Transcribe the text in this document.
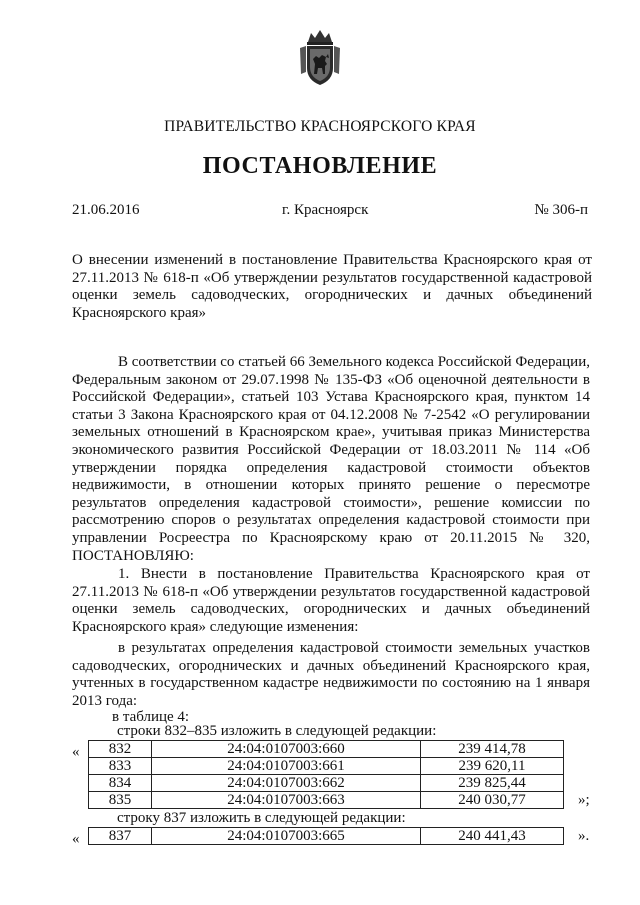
ПРАВИТЕЛЬСТВО КРАСНОЯРСКОГО КРАЯ
ПОСТАНОВЛЕНИЕ
21.06.2016	г. Красноярск	№ 306-п
О внесении изменений в постановление Правительства Красноярского края от 27.11.2013 № 618-п «Об утверждении результатов государственной кадастровой оценки земель садоводческих, огороднических и дачных объединений Красноярского края»
В соответствии со статьей 66 Земельного кодекса Российской Федерации, Федеральным законом от 29.07.1998 № 135-ФЗ «Об оценочной деятельности в Российской Федерации», статьей 103 Устава Красноярского края, пунктом 14 статьи 3 Закона Красноярского края от 04.12.2008 № 7-2542 «О регулировании земельных отношений в Красноярском крае», учитывая приказ Министерства экономического развития Российской Федерации от 18.03.2011 № 114 «Об утверждении порядка определения кадастровой стоимости объектов недвижимости, в отношении которых принято решение о пересмотре результатов определения кадастровой стоимости», решение комиссии по рассмотрению споров о результатах определения кадастровой стоимости при управлении Росреестра по Красноярскому краю от 20.11.2015 № 320, ПОСТАНОВЛЯЮ:
1. Внести в постановление Правительства Красноярского края от 27.11.2013 № 618-п «Об утверждении результатов государственной кадастровой оценки земель садоводческих, огороднических и дачных объединений Красноярского края» следующие изменения:
в результатах определения кадастровой стоимости земельных участков садоводческих, огороднических и дачных объединений Красноярского края, учтенных в государственном кадастре недвижимости по состоянию на 1 января 2013 года:
в таблице 4:
строки 832–835 изложить в следующей редакции:
« 832	24:04:0107003:660	239 414,78
833	24:04:0107003:661	239 620,11
834	24:04:0107003:662	239 825,44
835	24:04:0107003:663	240 030,77	»;
строку 837 изложить в следующей редакции:
« 837	24:04:0107003:665	240 441,43	».
